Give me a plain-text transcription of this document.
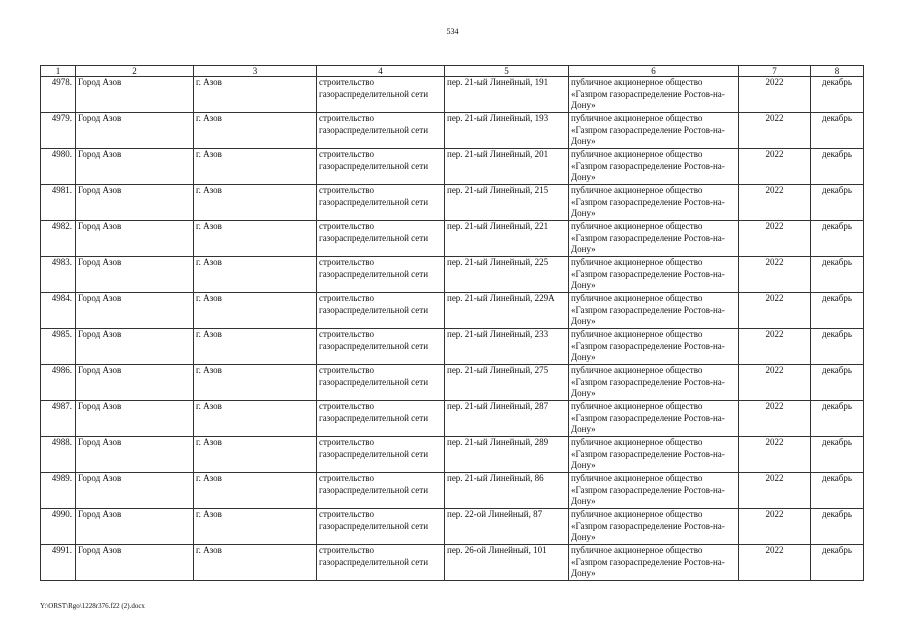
534
1	2	3	4	5	6	7	8
4978.	Город Азов	г. Азов	строительство газораспределительной сети	пер. 21-ый Линейный, 191	публичное акционерное общество «Газпром газораспределение Ростов-на-Дону»	2022	декабрь
4979.	Город Азов	г. Азов	строительство газораспределительной сети	пер. 21-ый Линейный, 193	публичное акционерное общество «Газпром газораспределение Ростов-на-Дону»	2022	декабрь
4980.	Город Азов	г. Азов	строительство газораспределительной сети	пер. 21-ый Линейный, 201	публичное акционерное общество «Газпром газораспределение Ростов-на-Дону»	2022	декабрь
4981.	Город Азов	г. Азов	строительство газораспределительной сети	пер. 21-ый Линейный, 215	публичное акционерное общество «Газпром газораспределение Ростов-на-Дону»	2022	декабрь
4982.	Город Азов	г. Азов	строительство газораспределительной сети	пер. 21-ый Линейный, 221	публичное акционерное общество «Газпром газораспределение Ростов-на-Дону»	2022	декабрь
4983.	Город Азов	г. Азов	строительство газораспределительной сети	пер. 21-ый Линейный, 225	публичное акционерное общество «Газпром газораспределение Ростов-на-Дону»	2022	декабрь
4984.	Город Азов	г. Азов	строительство газораспределительной сети	пер. 21-ый Линейный, 229А	публичное акционерное общество «Газпром газораспределение Ростов-на-Дону»	2022	декабрь
4985.	Город Азов	г. Азов	строительство газораспределительной сети	пер. 21-ый Линейный, 233	публичное акционерное общество «Газпром газораспределение Ростов-на-Дону»	2022	декабрь
4986.	Город Азов	г. Азов	строительство газораспределительной сети	пер. 21-ый Линейный, 275	публичное акционерное общество «Газпром газораспределение Ростов-на-Дону»	2022	декабрь
4987.	Город Азов	г. Азов	строительство газораспределительной сети	пер. 21-ый Линейный, 287	публичное акционерное общество «Газпром газораспределение Ростов-на-Дону»	2022	декабрь
4988.	Город Азов	г. Азов	строительство газораспределительной сети	пер. 21-ый Линейный, 289	публичное акционерное общество «Газпром газораспределение Ростов-на-Дону»	2022	декабрь
4989.	Город Азов	г. Азов	строительство газораспределительной сети	пер. 21-ый Линейный, 86	публичное акционерное общество «Газпром газораспределение Ростов-на-Дону»	2022	декабрь
4990.	Город Азов	г. Азов	строительство газораспределительной сети	пер. 22-ой Линейный, 87	публичное акционерное общество «Газпром газораспределение Ростов-на-Дону»	2022	декабрь
4991.	Город Азов	г. Азов	строительство газораспределительной сети	пер. 26-ой Линейный, 101	публичное акционерное общество «Газпром газораспределение Ростов-на-Дону»	2022	декабрь
Y:\ORST\Rgo\1228r376.f22 (2).docx
